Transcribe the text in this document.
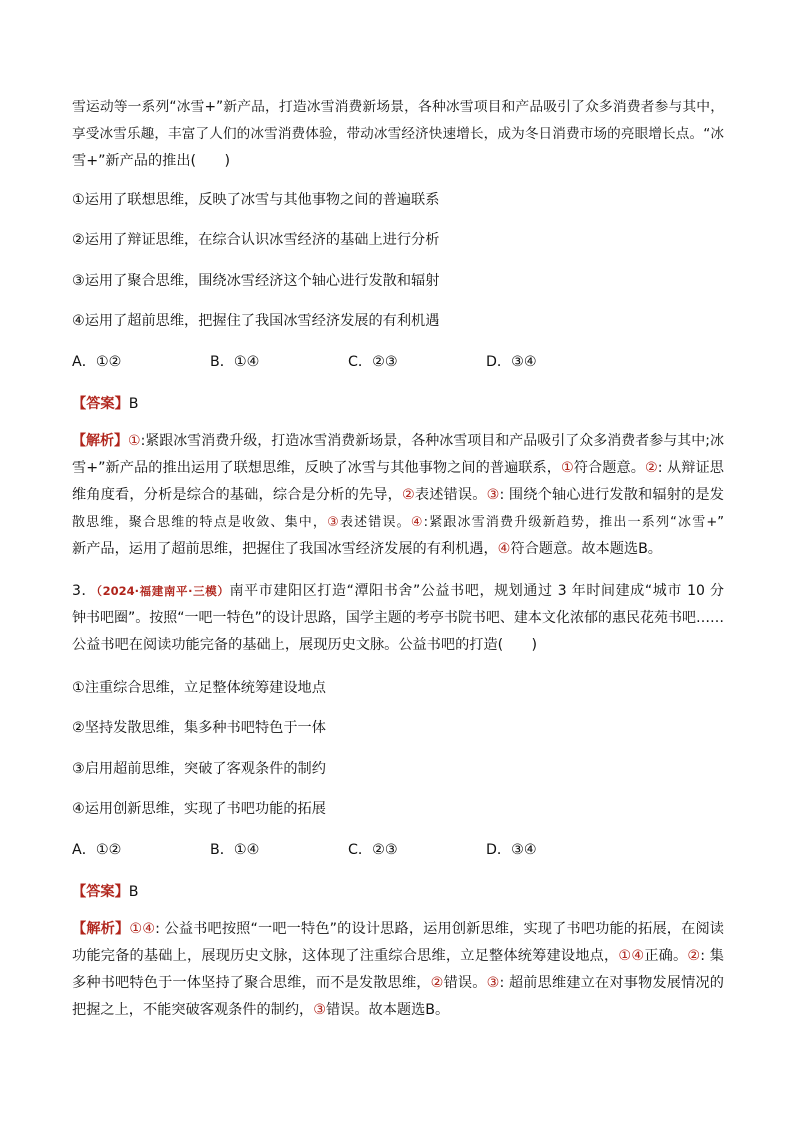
雪运动等一系列“冰雪+”新产品，打造冰雪消费新场景，各种冰雪项目和产品吸引了众多消费者参与其中，
享受冰雪乐趣，丰富了人们的冰雪消费体验，带动冰雪经济快速增长，成为冬日消费市场的亮眼增长点。“冰
雪+”新产品的推出(　　)
①运用了联想思维，反映了冰雪与其他事物之间的普遍联系
②运用了辩证思维，在综合认识冰雪经济的基础上进行分析
③运用了聚合思维，围绕冰雪经济这个轴心进行发散和辐射
④运用了超前思维，把握住了我国冰雪经济发展的有利机遇
A．①②	B．①④	C．②③	D．③④
【答案】B
【解析】①:紧跟冰雪消费升级，打造冰雪消费新场景，各种冰雪项目和产品吸引了众多消费者参与其中;冰
雪+”新产品的推出运用了联想思维，反映了冰雪与其他事物之间的普遍联系，①符合题意。②: 从辩证思
维角度看，分析是综合的基础，综合是分析的先导，②表述错误。③: 围绕个轴心进行发散和辐射的是发
散思维，聚合思维的特点是收敛、集中，③表述错误。④:紧跟冰雪消费升级新趋势，推出一系列“冰雪+”
新产品，运用了超前思维，把握住了我国冰雪经济发展的有利机遇，④符合题意。故本题选B。
3．（2024·福建南平·三模）南平市建阳区打造“潭阳书舍”公益书吧，规划通过 3 年时间建成“城市 10 分
钟书吧圈”。按照“一吧一特色”的设计思路，国学主题的考亭书院书吧、建本文化浓郁的惠民花苑书吧……
公益书吧在阅读功能完备的基础上，展现历史文脉。公益书吧的打造(　　)
①注重综合思维，立足整体统筹建设地点
②坚持发散思维，集多种书吧特色于一体
③启用超前思维，突破了客观条件的制约
④运用创新思维，实现了书吧功能的拓展
A．①②	B．①④	C．②③	D．③④
【答案】B
【解析】①④: 公益书吧按照“一吧一特色”的设计思路，运用创新思维，实现了书吧功能的拓展，在阅读
功能完备的基础上，展现历史文脉，这体现了注重综合思维，立足整体统筹建设地点，①④正确。②: 集
多种书吧特色于一体坚持了聚合思维，而不是发散思维，②错误。③: 超前思维建立在对事物发展情况的
把握之上，不能突破客观条件的制约，③错误。故本题选B。
